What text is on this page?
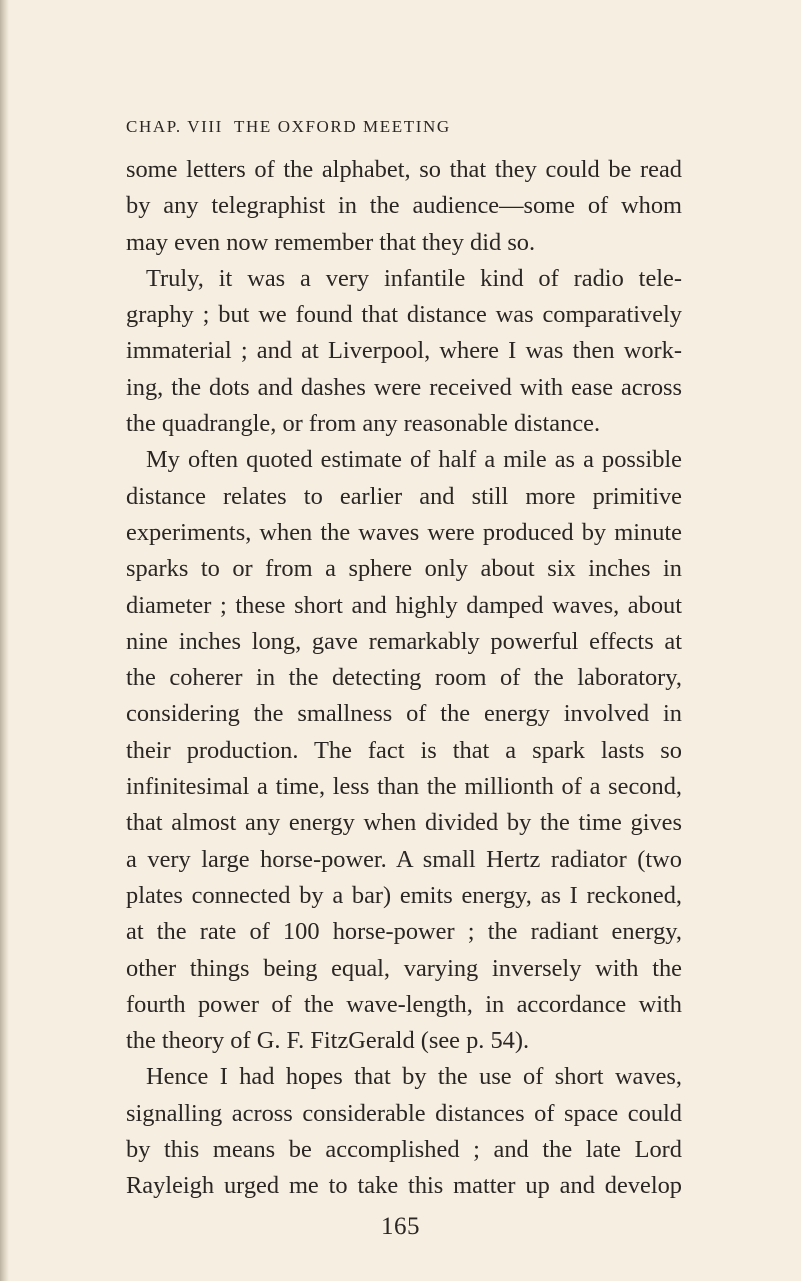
CHAP. VIII THE OXFORD MEETING
some letters of the alphabet, so that they could be read
by any telegraphist in the audience—some of whom
may even now remember that they did so.
Truly, it was a very infantile kind of radio tele-
graphy ; but we found that distance was comparatively
immaterial ; and at Liverpool, where I was then work-
ing, the dots and dashes were received with ease across
the quadrangle, or from any reasonable distance.
My often quoted estimate of half a mile as a possible
distance relates to earlier and still more primitive
experiments, when the waves were produced by minute
sparks to or from a sphere only about six inches in
diameter ; these short and highly damped waves, about
nine inches long, gave remarkably powerful effects at
the coherer in the detecting room of the laboratory,
considering the smallness of the energy involved in
their production. The fact is that a spark lasts so
infinitesimal a time, less than the millionth of a second,
that almost any energy when divided by the time gives
a very large horse-power. A small Hertz radiator (two
plates connected by a bar) emits energy, as I reckoned,
at the rate of 100 horse-power ; the radiant energy,
other things being equal, varying inversely with the
fourth power of the wave-length, in accordance with
the theory of G. F. FitzGerald (see p. 54).
Hence I had hopes that by the use of short waves,
signalling across considerable distances of space could
by this means be accomplished ; and the late Lord
Rayleigh urged me to take this matter up and develop
165
